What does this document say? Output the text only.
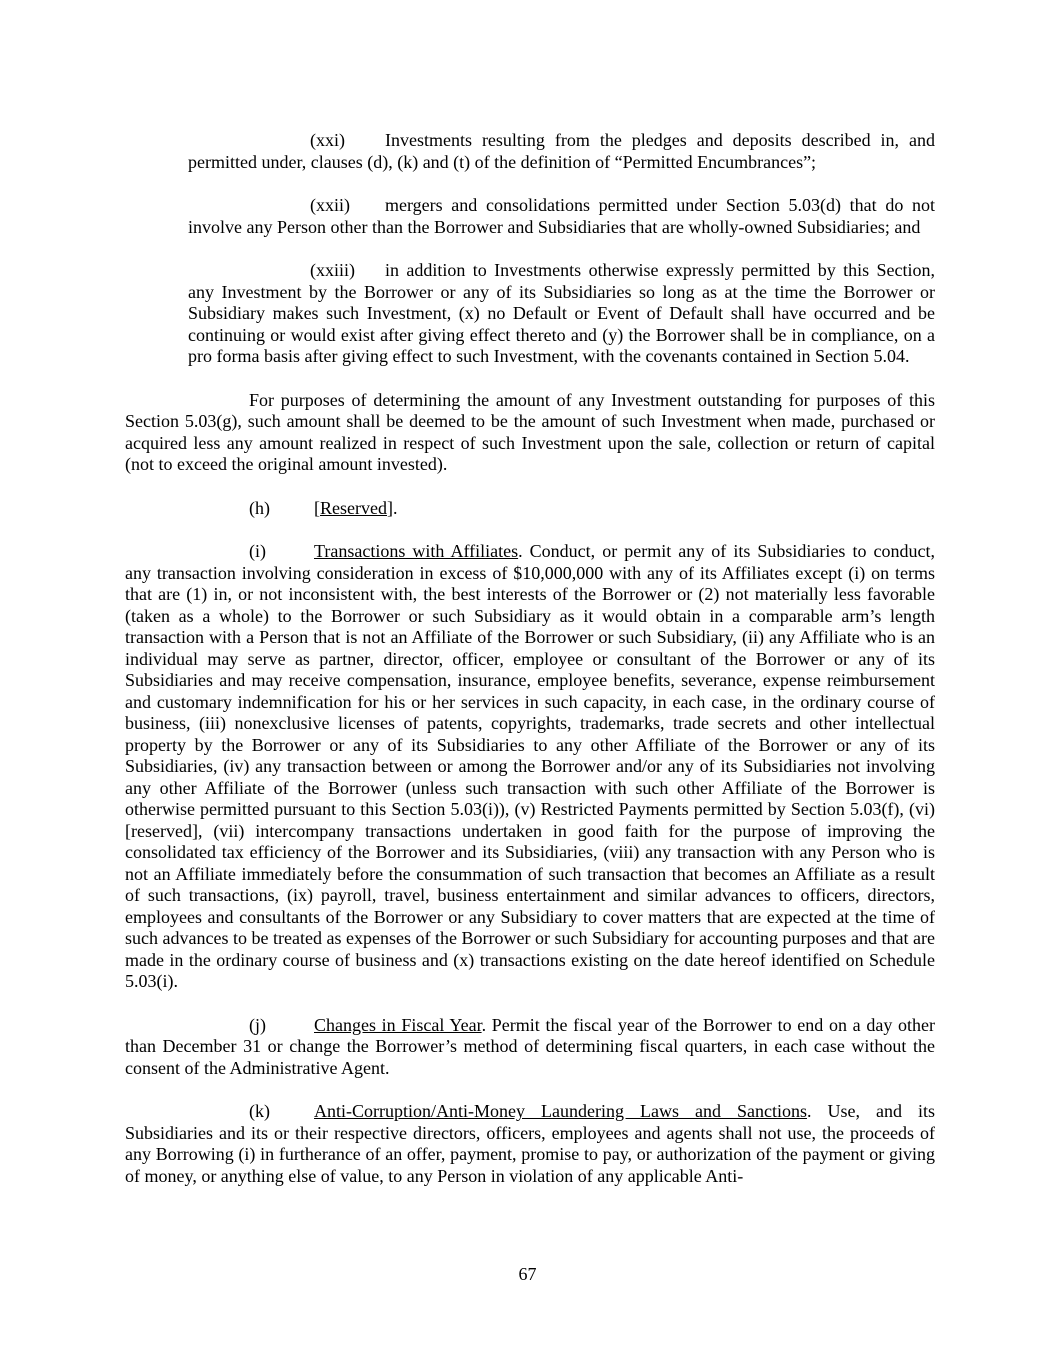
(xxi) Investments resulting from the pledges and deposits described in, and permitted under, clauses (d), (k) and (t) of the definition of “Permitted Encumbrances”;

(xxii) mergers and consolidations permitted under Section 5.03(d) that do not involve any Person other than the Borrower and Subsidiaries that are wholly-owned Subsidiaries; and

(xxiii) in addition to Investments otherwise expressly permitted by this Section, any Investment by the Borrower or any of its Subsidiaries so long as at the time the Borrower or Subsidiary makes such Investment, (x) no Default or Event of Default shall have occurred and be continuing or would exist after giving effect thereto and (y) the Borrower shall be in compliance, on a pro forma basis after giving effect to such Investment, with the covenants contained in Section 5.04.

For purposes of determining the amount of any Investment outstanding for purposes of this Section 5.03(g), such amount shall be deemed to be the amount of such Investment when made, purchased or acquired less any amount realized in respect of such Investment upon the sale, collection or return of capital (not to exceed the original amount invested).

(h) [Reserved].

(i)	Transactions with Affiliates. Conduct, or permit any of its Subsidiaries to conduct, any transaction involving consideration in excess of $10,000,000 with any of its Affiliates except (i) on terms that are (1) in, or not inconsistent with, the best interests of the Borrower or (2) not materially less favorable (taken as a whole) to the Borrower or such Subsidiary as it would obtain in a comparable arm’s length transaction with a Person that is not an Affiliate of the Borrower or such Subsidiary, (ii) any Affiliate who is an individual may serve as partner, director, officer, employee or consultant of the Borrower or any of its Subsidiaries and may receive compensation, insurance, employee benefits, severance, expense reimbursement and customary indemnification for his or her services in such capacity, in each case, in the ordinary course of business, (iii) nonexclusive licenses of patents, copyrights, trademarks, trade secrets and other intellectual property by the Borrower or any of its Subsidiaries to any other Affiliate of the Borrower or any of its Subsidiaries, (iv) any transaction between or among the Borrower and/or any of its Subsidiaries not involving any other Affiliate of the Borrower (unless such transaction with such other Affiliate of the Borrower is otherwise permitted pursuant to this Section 5.03(i)), (v) Restricted Payments permitted by Section 5.03(f), (vi) [reserved], (vii) intercompany transactions undertaken in good faith for the purpose of improving the consolidated tax efficiency of the Borrower and its Subsidiaries, (viii) any transaction with any Person who is not an Affiliate immediately before the consummation of such transaction that becomes an Affiliate as a result of such transactions, (ix) payroll, travel, business entertainment and similar advances to officers, directors, employees and consultants of the Borrower or any Subsidiary to cover matters that are expected at the time of such advances to be treated as expenses of the Borrower or such Subsidiary for accounting purposes and that are made in the ordinary course of business and (x) transactions existing on the date hereof identified on Schedule 5.03(i).

(j)	Changes in Fiscal Year. Permit the fiscal year of the Borrower to end on a day other than December 31 or change the Borrower’s method of determining fiscal quarters, in each case without the consent of the Administrative Agent.

(k) Anti-Corruption/Anti-Money Laundering Laws and Sanctions. Use, and its Subsidiaries and its or their respective directors, officers, employees and agents shall not use, the proceeds of any Borrowing (i) in furtherance of an offer, payment, promise to pay, or authorization of the payment or giving of money, or anything else of value, to any Person in violation of any applicable Anti-

67
